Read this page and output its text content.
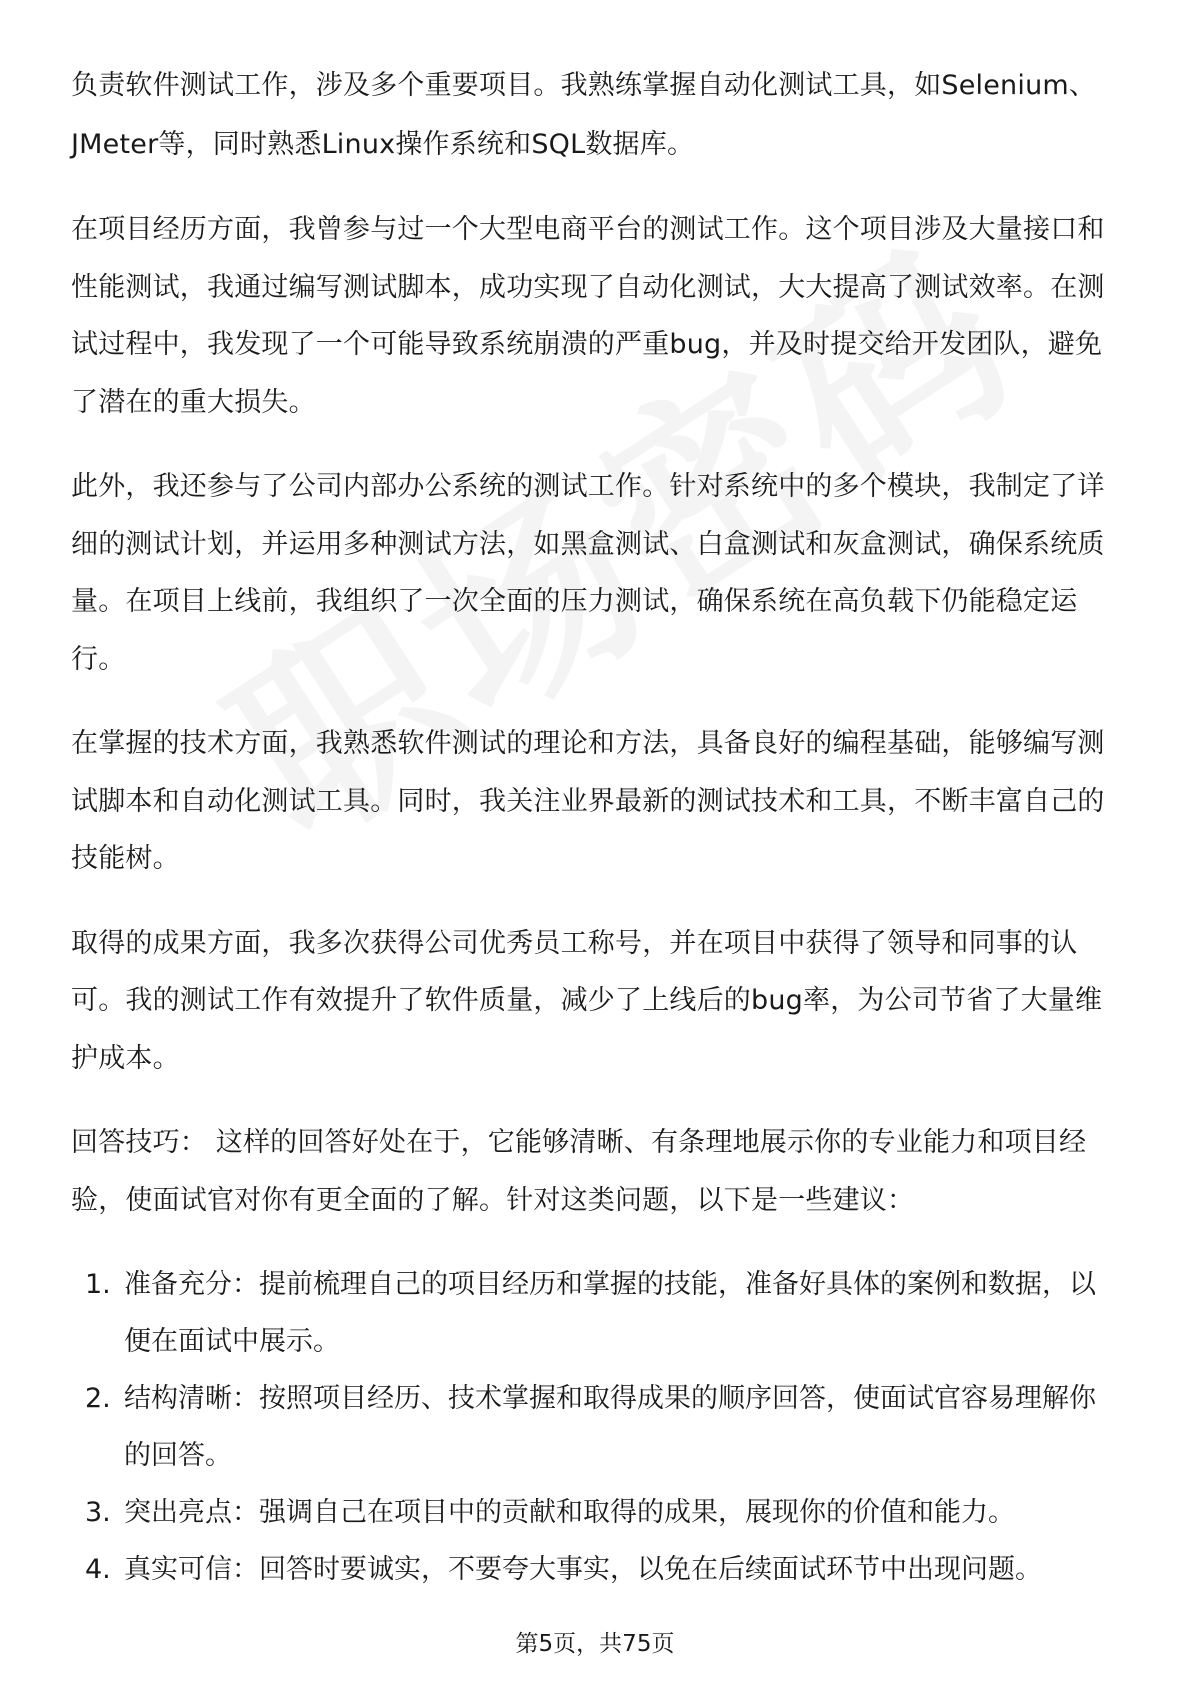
负责软件测试工作，涉及多个重要项目。我熟练掌握自动化测试工具，如Selenium、JMeter等，同时熟悉Linux操作系统和SQL数据库。

在项目经历方面，我曾参与过一个大型电商平台的测试工作。这个项目涉及大量接口和性能测试，我通过编写测试脚本，成功实现了自动化测试，大大提高了测试效率。在测试过程中，我发现了一个可能导致系统崩溃的严重bug，并及时提交给开发团队，避免了潜在的重大损失。

此外，我还参与了公司内部办公系统的测试工作。针对系统中的多个模块，我制定了详细的测试计划，并运用多种测试方法，如黑盒测试、白盒测试和灰盒测试，确保系统质量。在项目上线前，我组织了一次全面的压力测试，确保系统在高负载下仍能稳定运行。

在掌握的技术方面，我熟悉软件测试的理论和方法，具备良好的编程基础，能够编写测试脚本和自动化测试工具。同时，我关注业界最新的测试技术和工具，不断丰富自己的技能树。

取得的成果方面，我多次获得公司优秀员工称号，并在项目中获得了领导和同事的认可。我的测试工作有效提升了软件质量，减少了上线后的bug率，为公司节省了大量维护成本。

回答技巧： 这样的回答好处在于，它能够清晰、有条理地展示你的专业能力和项目经验，使面试官对你有更全面的了解。针对这类问题，以下是一些建议：

1. 准备充分：提前梳理自己的项目经历和掌握的技能，准备好具体的案例和数据，以便在面试中展示。
2. 结构清晰：按照项目经历、技术掌握和取得成果的顺序回答，使面试官容易理解你的回答。
3. 突出亮点：强调自己在项目中的贡献和取得的成果，展现你的价值和能力。
4. 真实可信：回答时要诚实，不要夸大事实，以免在后续面试环节中出现问题。
第5页，共75页
